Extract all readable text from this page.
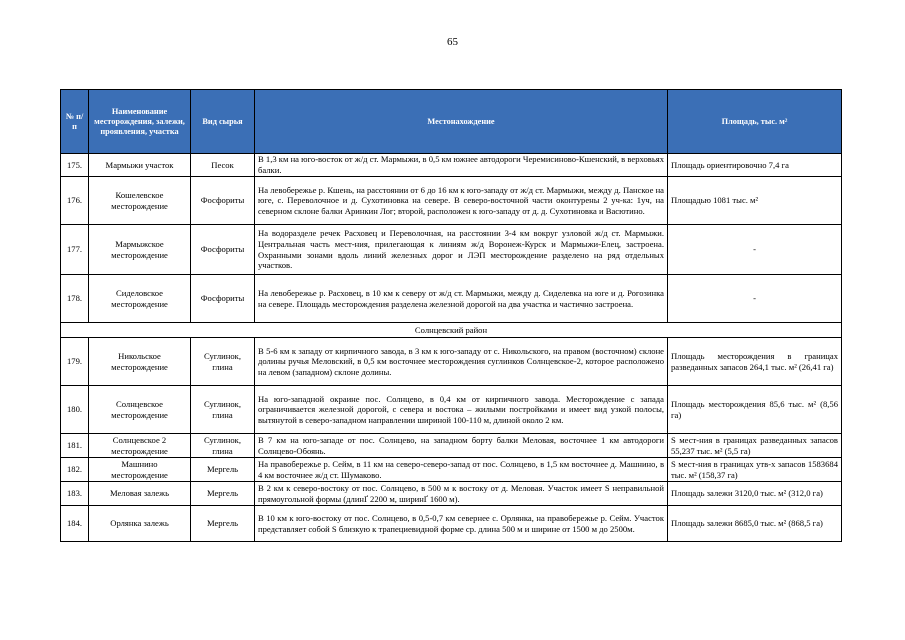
65
№ п/п	Наименование месторождения, залежи, проявления, участка	Вид сырья	Местонахождение	Площадь, тыс. м²
175.	Мармыжи участок	Песок	В 1,3 км на юго-восток от ж/д ст. Мармыжи, в 0,5 км южнее автодороги Черемисиново-Кшенский, в верховьях балки.	Площадь ориентировочно 7,4 га
176.	Кошелевское месторождение	Фосфориты	На левобережье р. Кшень, на расстоянии от 6 до 16 км к юго-западу от ж/д ст. Мармыжи, между д. Панское на юге, с. Переволочное и д. Сухотиновка на севере. В северо-восточной части оконтурены 2 уч-ка: 1уч, на северном склоне балки Аринкин Лог; второй, расположен к юго-западу от д. д. Сухотиновка и Васютино.	Площадью 1081 тыс. м²
177.	Мармыжское месторождение	Фосфориты	На водоразделе речек Расховец и Переволочная, на расстоянии 3-4 км вокруг узловой ж/д ст. Мармыжи. Центральная часть мест-ния, прилегающая к линиям ж/д Воронеж-Курск и Мармыжи-Елец, застроена. Охранными зонами вдоль линий железных дорог и ЛЭП месторождение разделено на ряд отдельных участков.	-
178.	Сиделовское месторождение	Фосфориты	На левобережье р. Расховец, в 10 км к северу от ж/д ст. Мармыжи, между д. Сиделевка на юге и д. Рогозинка на севере. Площадь месторождения разделена железной дорогой на два участка и частично застроена.	-
Солнцевский район				
179.	Никольское месторождение	Суглинок, глина	В 5-6 км к западу от кирпичного завода, в 3 км к юго-западу от с. Никольского, на правом (восточном) склоне долины ручья Меловский, в 0,5 км восточнее месторождения суглинков Солнцевское-2, которое расположено на левом (западном) склоне долины.	Площадь месторождения в границах разведанных запасов 264,1 тыс. м² (26,41 га)
180.	Солнцевское месторождение	Суглинок, глина	На юго-западной окраине пос. Солнцево, в 0,4 км от кирпичного завода. Месторождение с запада ограничивается железной дорогой, с севера и востока – жилыми постройками и имеет вид узкой полосы, вытянутой в северо-западном направлении шириной 100-110 м, длиной около 2 км.	Площадь месторождения 85,6 тыс. м² (8,56 га)
181.	Солнцевское 2 месторождение	Суглинок, глина	В 7 км на юго-западе от пос. Солнцево, на западном борту балки Меловая, восточнее 1 км автодороги Солнцево-Обоянь.	S мест-ния в границах разведанных запасов 55,237 тыс. м² (5,5 га)
182.	Машнино месторождение	Мергель	На правобережье р. Сейм, в 11 км на северо-северо-запад от пос. Солнцево, в 1,5 км восточнее д. Машнино, в 4 км восточнее ж/д ст. Шумаково.	S мест-ния в границах утв-х запасов 1583684 тыс. м² (158,37 га)
183.	Меловая залежь	Мергель	В 2 км к северо-востоку от пос. Солнцево, в 500 м к востоку от д. Меловая. Участок имеет S неправильной прямоугольной формы (длинҐ 2200 м, ширинҐ 1600 м).	Площадь залежи 3120,0 тыс. м² (312,0 га)
184.	Орлянка залежь	Мергель	В 10 км к юго-востоку от пос. Солнцево, в 0,5-0,7 км севернее с. Орлянка, на правобережье р. Сейм. Участок представляет собой S близкую к трапециевидной форме ср. длина 500 м и ширине от 1500 м до 2500м.	Площадь залежи 8685,0 тыс. м² (868,5 га)
